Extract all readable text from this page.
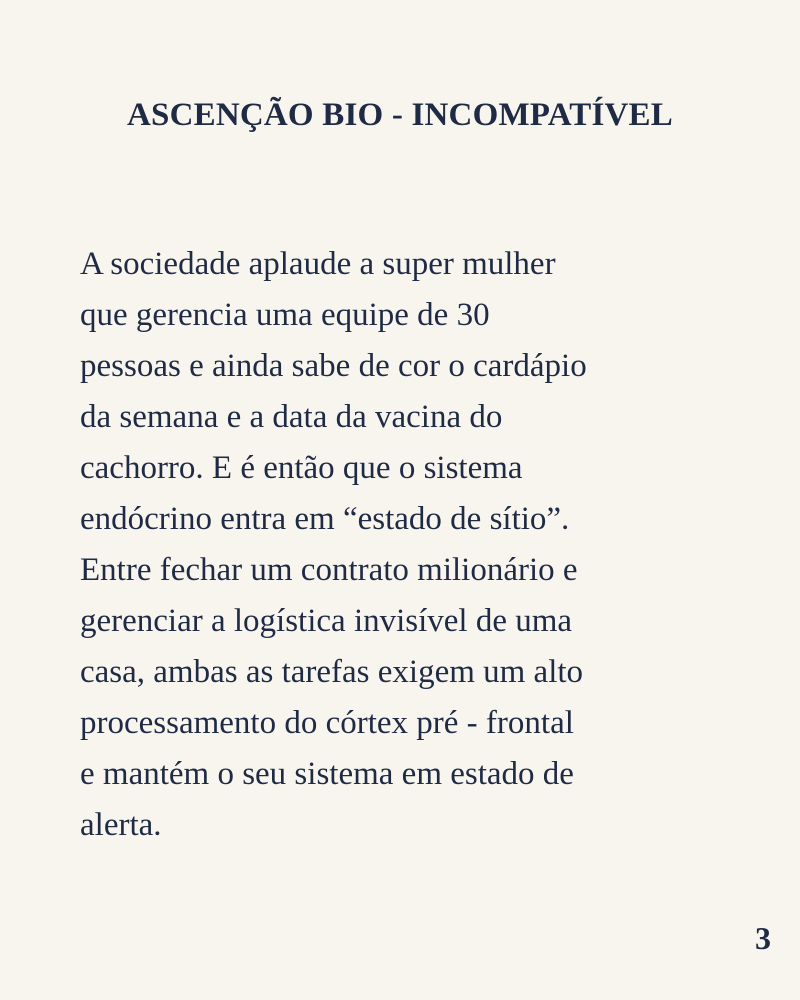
ASCENÇÃO BIO - INCOMPATÍVEL
A sociedade aplaude a super mulher
que gerencia uma equipe de 30
pessoas e ainda sabe de cor o cardápio
da semana e a data da vacina do
cachorro. E é então que o sistema
endócrino entra em “estado de sítio”.
Entre fechar um contrato milionário e
gerenciar a logística invisível de uma
casa, ambas as tarefas exigem um alto
processamento do córtex pré - frontal
e mantém o seu sistema em estado de
alerta.
3
